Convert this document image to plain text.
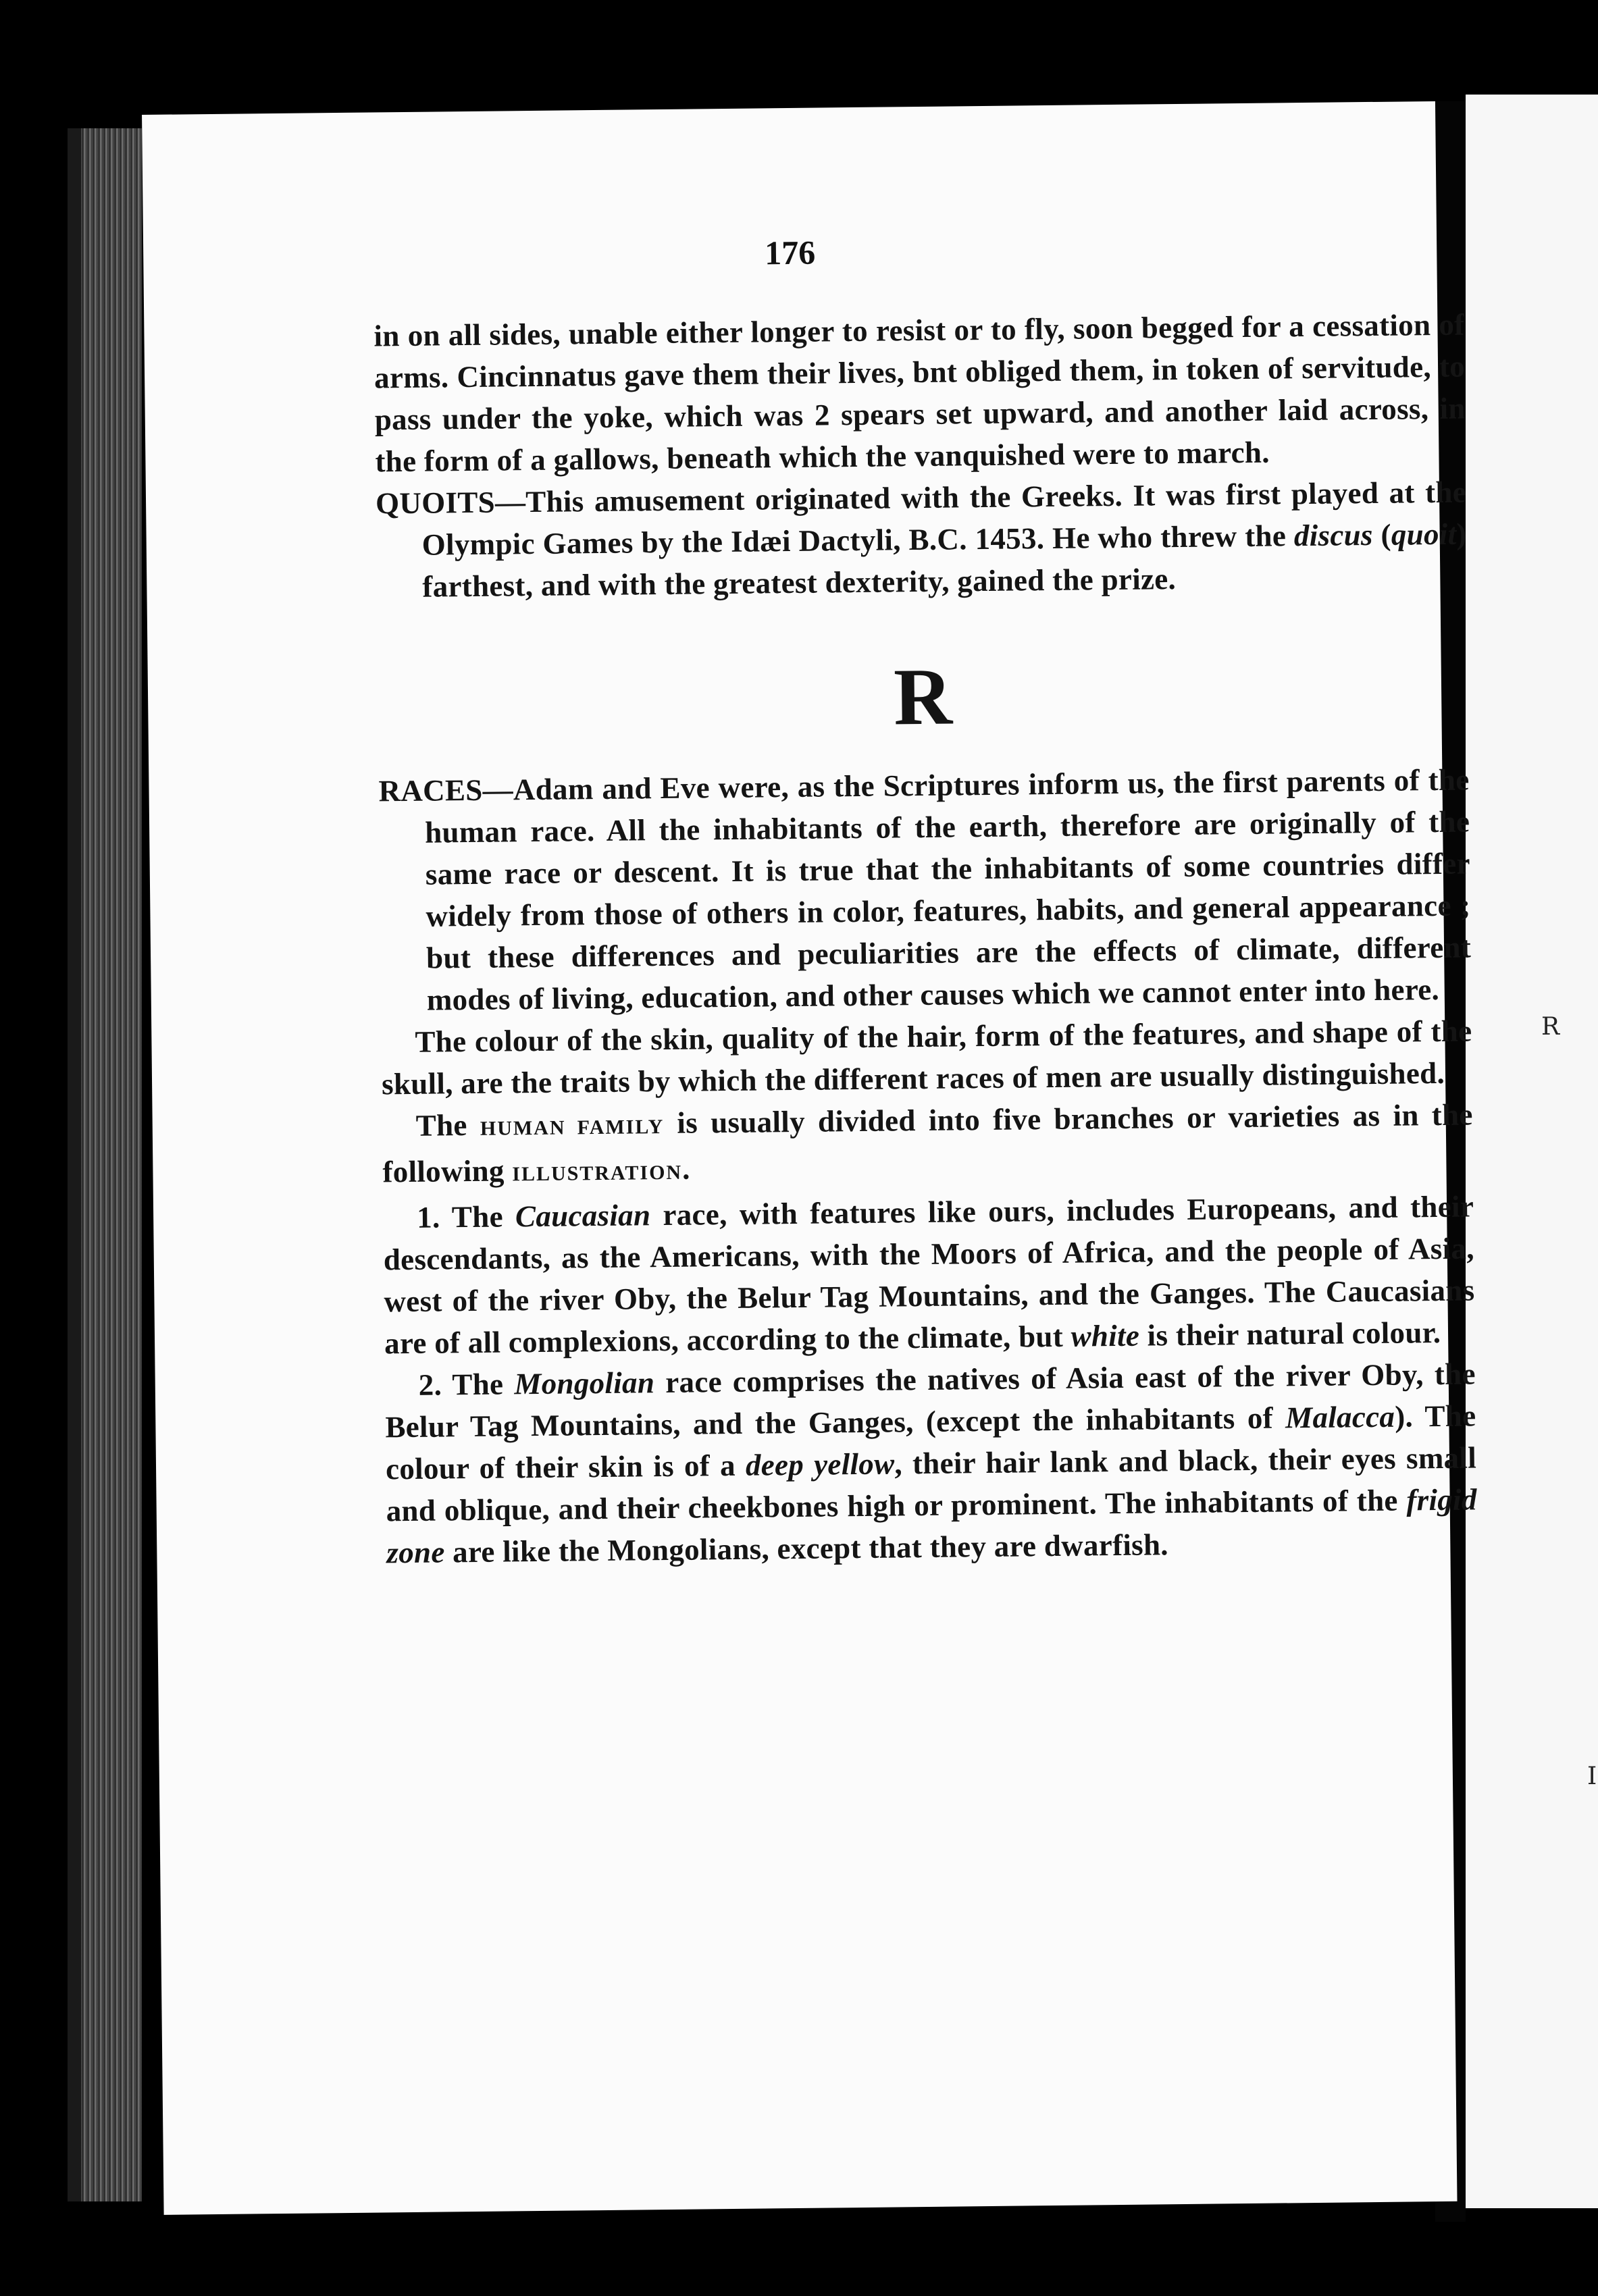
R
I
176

in on all sides, unable either longer to resist or to fly, soon begged for a cessation of arms. Cincinnatus gave them their lives, bnt obliged them, in token of servitude, to pass under the yoke, which was 2 spears set upward, and another laid across, in the form of a gallows, beneath which the vanquished were to march.

QUOITS—This amusement originated with the Greeks. It was first played at the Olympic Games by the Idæi Dactyli, B.C. 1453. He who threw the discus (quoit) farthest, and with the greatest dexterity, gained the prize.

R

RACES—Adam and Eve were, as the Scriptures inform us, the first parents of the human race. All the inhabitants of the earth, therefore are originally of the same race or descent. It is true that the inhabitants of some countries differ widely from those of others in color, features, habits, and general appearance ; but these differences and peculiarities are the effects of climate, different modes of living, education, and other causes which we cannot enter into here.

The colour of the skin, quality of the hair, form of the features, and shape of the skull, are the traits by which the different races of men are usually distinguished.

The HUMAN FAMILY is usually divided into five branches or varieties as in the following ILLUSTRATION.

1. The Caucasian race, with features like ours, includes Europeans, and their descendants, as the Americans, with the Moors of Africa, and the people of Asia, west of the river Oby, the Belur Tag Mountains, and the Ganges. The Caucasians are of all complexions, according to the climate, but white is their natural colour.

2. The Mongolian race comprises the natives of Asia east of the river Oby, the Belur Tag Mountains, and the Ganges, (except the inhabitants of Malacca). The colour of their skin is of a deep yellow, their hair lank and black, their eyes small and oblique, and their cheekbones high or prominent. The inhabitants of the frigid zone are like the Mongolians, except that they are dwarfish.
